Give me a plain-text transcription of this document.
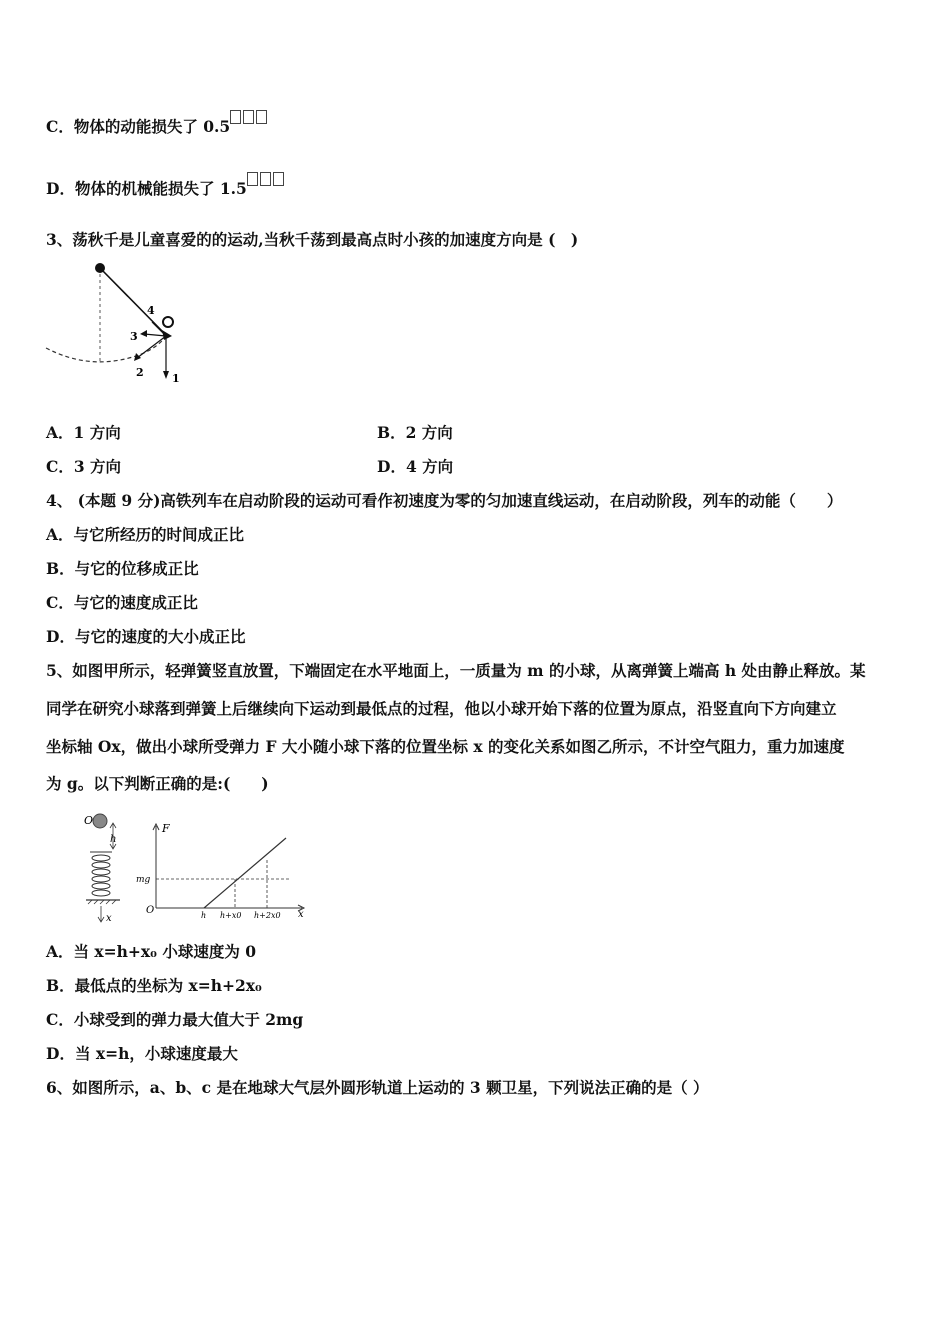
C．物体的动能损失了 0.5
D．物体的机械能损失了 1.5
3、荡秋千是儿童喜爱的的运动,当秋千荡到最高点时小孩的加速度方向是 (　)
4
3
2	1
A．1 方向	B．2 方向
C．3 方向	D．4 方向
4、 (本题 9 分)高铁列车在启动阶段的运动可看作初速度为零的匀加速直线运动，在启动阶段，列车的动能（　　）
A．与它所经历的时间成正比
B．与它的位移成正比
C．与它的速度成正比
D．与它的速度的大小成正比
5、如图甲所示，轻弹簧竖直放置，下端固定在水平地面上，一质量为 m 的小球，从离弹簧上端高 h 处由静止释放。某
同学在研究小球落到弹簧上后继续向下运动到最低点的过程，他以小球开始下落的位置为原点，沿竖直向下方向建立
坐标轴 Ox，做出小球所受弹力 F 大小随小球下落的位置坐标 x 的变化关系如图乙所示，不计空气阻力，重力加速度
为 g。以下判断正确的是:(　　)
O
h
x
F
O
mg
h h+x0 h+2x0 x
A．当 x=h+x₀ 小球速度为 0
B．最低点的坐标为 x=h+2x₀
C．小球受到的弹力最大值大于 2mg
D．当 x=h，小球速度最大
6、如图所示，a、b、c 是在地球大气层外圆形轨道上运动的 3 颗卫星，下列说法正确的是（ ）
